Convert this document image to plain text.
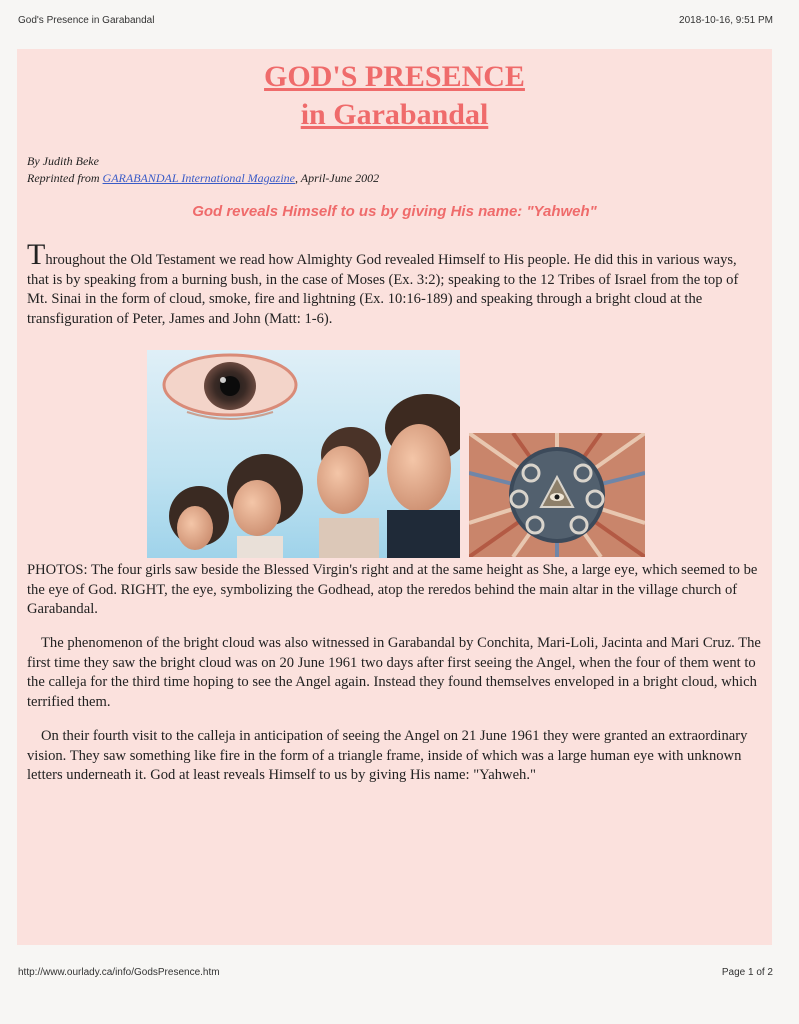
God's Presence in Garabandal	2018-10-16, 9:51 PM
GOD'S PRESENCE
in Garabandal
By Judith Beke
Reprinted from GARABANDAL International Magazine, April-June 2002
God reveals Himself to us by giving His name: "Yahweh"
Throughout the Old Testament we read how Almighty God revealed Himself to His people. He did this in various ways, that is by speaking from a burning bush, in the case of Moses (Ex. 3:2); speaking to the 12 Tribes of Israel from the top of Mt. Sinai in the form of cloud, smoke, fire and lightning (Ex. 10:16-189) and speaking through a bright cloud at the transfiguration of Peter, James and John (Matt: 1-6).
PHOTOS: The four girls saw beside the Blessed Virgin's right and at the same height as She, a large eye, which seemed to be the eye of God. RIGHT, the eye, symbolizing the Godhead, atop the reredos behind the main altar in the village church of Garabandal.
The phenomenon of the bright cloud was also witnessed in Garabandal by Conchita, Mari-Loli, Jacinta and Mari Cruz. The first time they saw the bright cloud was on 20 June 1961 two days after first seeing the Angel, when the four of them went to the calleja for the third time hoping to see the Angel again. Instead they found themselves enveloped in a bright cloud, which terrified them.
On their fourth visit to the calleja in anticipation of seeing the Angel on 21 June 1961 they were granted an extraordinary vision. They saw something like fire in the form of a triangle frame, inside of which was a large human eye with unknown letters underneath it. God at least reveals Himself to us by giving His name: "Yahweh."
http://www.ourlady.ca/info/GodsPresence.htm	Page 1 of 2
